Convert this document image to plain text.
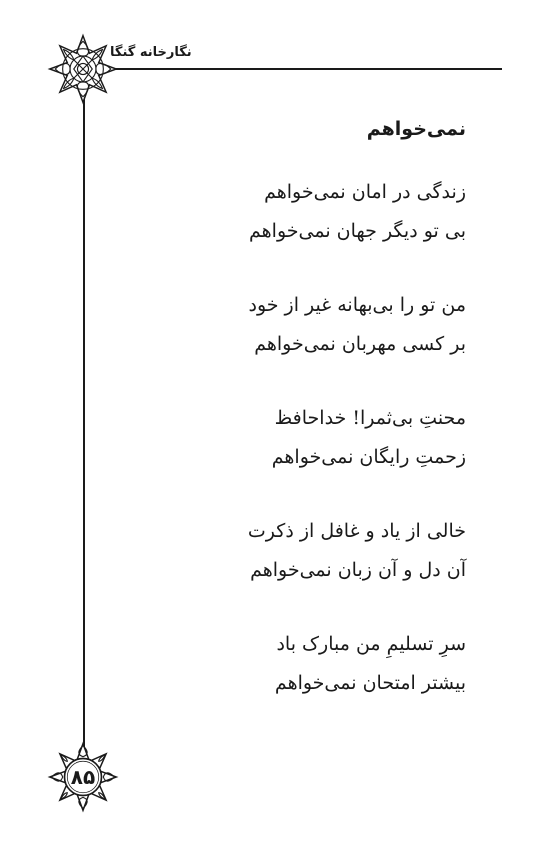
نگارخانه گنگا
۸۵
نمی‌خواهم
زندگی در امان نمی‌خواهم
بی تو دیگر جهان نمی‌خواهم
من تو را بی‌بهانه غیر از خود
بر کسی مهربان نمی‌خواهم
محنتِ بی‌ثمرا! خداحافظ
زحمتِ رایگان نمی‌خواهم
خالی از یاد و غافل از ذکرت
آن دل و آن زبان نمی‌خواهم
سرِ تسلیمِ من مبارک باد
بیشتر امتحان نمی‌خواهم
